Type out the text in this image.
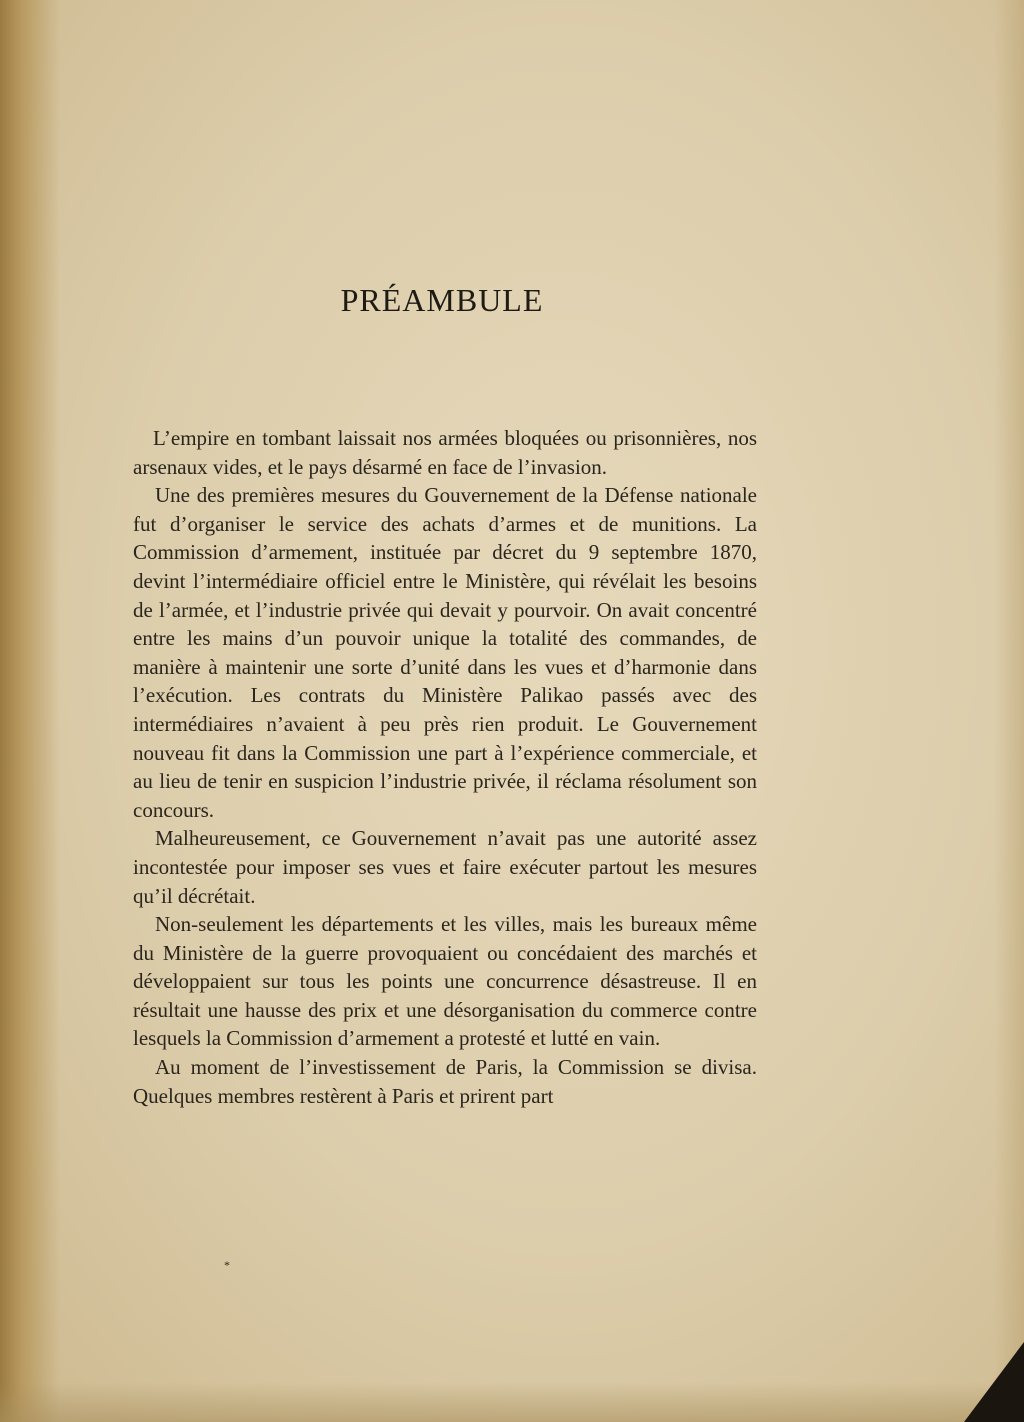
PRÉAMBULE

L’empire en tombant laissait nos armées bloquées ou prisonnières, nos arsenaux vides, et le pays désarmé en face de l’invasion.

Une des premières mesures du Gouvernement de la Défense nationale fut d’organiser le service des achats d’armes et de munitions. La Commission d’armement, instituée par décret du 9 septembre 1870, devint l’intermédiaire officiel entre le Ministère, qui révélait les besoins de l’armée, et l’industrie privée qui devait y pourvoir. On avait concentré entre les mains d’un pouvoir unique la totalité des commandes, de manière à maintenir une sorte d’unité dans les vues et d’harmonie dans l’exécution. Les contrats du Ministère Palikao passés avec des intermédiaires n’avaient à peu près rien produit. Le Gouvernement nouveau fit dans la Commission une part à l’expérience commerciale, et au lieu de tenir en suspicion l’industrie privée, il réclama résolument son concours.

Malheureusement, ce Gouvernement n’avait pas une autorité assez incontestée pour imposer ses vues et faire exécuter partout les mesures qu’il décrétait.

Non-seulement les départements et les villes, mais les bureaux même du Ministère de la guerre provoquaient ou concédaient des marchés et développaient sur tous les points une concurrence désastreuse. Il en résultait une hausse des prix et une désorganisation du commerce contre lesquels la Commission d’armement a protesté et lutté en vain.

Au moment de l’investissement de Paris, la Commission se divisa. Quelques membres restèrent à Paris et prirent part

*
